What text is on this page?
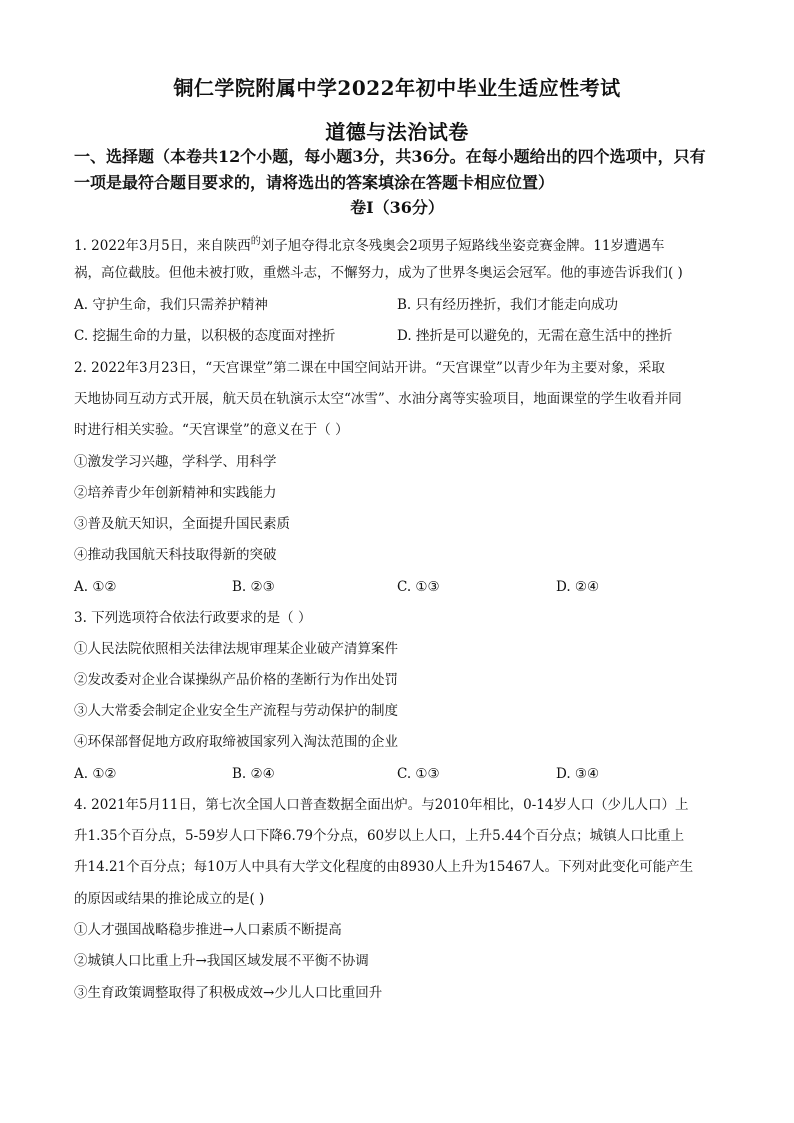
铜仁学院附属中学2022年初中毕业生适应性考试
道德与法治试卷
一、选择题（本卷共12个小题，每小题3分，共36分。在每小题给出的四个选项中，只有
一项是最符合题目要求的，请将选出的答案填涂在答题卡相应位置）
卷Ⅰ（36分）
1. 2022年3月5日，来自陕西$^的$刘子旭夺得北京冬残奥会2项男子短路线坐姿竞赛金牌。11岁遭遇车
祸，高位截肢。但他未被打败，重燃斗志，不懈努力，成为了世界冬奥运会冠军。他的事迹告诉我们( )
A. 守护生命，我们只需养护精神	B. 只有经历挫折，我们才能走向成功
C. 挖掘生命的力量，以积极的态度面对挫折	D. 挫折是可以避免的，无需在意生活中的挫折
2. 2022年3月23日，“天宫课堂”第二课在中国空间站开讲。“天宫课堂”以青少年为主要对象，采取
天地协同互动方式开展，航天员在轨演示太空“冰雪”、水油分离等实验项目，地面课堂的学生收看并同
时进行相关实验。“天宫课堂”的意义在于（ ）
①激发学习兴趣，学科学、用科学
②培养青少年创新精神和实践能力
③普及航天知识，全面提升国民素质
④推动我国航天科技取得新的突破
A. ①②	B. ②③	C. ①③	D. ②④
3. 下列选项符合依法行政要求的是（ ）
①人民法院依照相关法律法规审理某企业破产清算案件
②发改委对企业合谋操纵产品价格的垄断行为作出处罚
③人大常委会制定企业安全生产流程与劳动保护的制度
④环保部督促地方政府取缔被国家列入淘汰范围的企业
A. ①②	B. ②④	C. ①③	D. ③④
4. 2021年5月11日，第七次全国人口普查数据全面出炉。与2010年相比，0-14岁人口（少儿人口）上
升1.35个百分点，5-59岁人口下降6.79个分点，60岁以上人口，上升5.44个百分点；城镇人口比重上
升14.21个百分点；每10万人中具有大学文化程度的由8930人上升为15467人。下列对此变化可能产生
的原因或结果的推论成立的是( )
①人才强国战略稳步推进→人口素质不断提高
②城镇人口比重上升→我国区域发展不平衡不协调
③生育政策调整取得了积极成效→少儿人口比重回升
